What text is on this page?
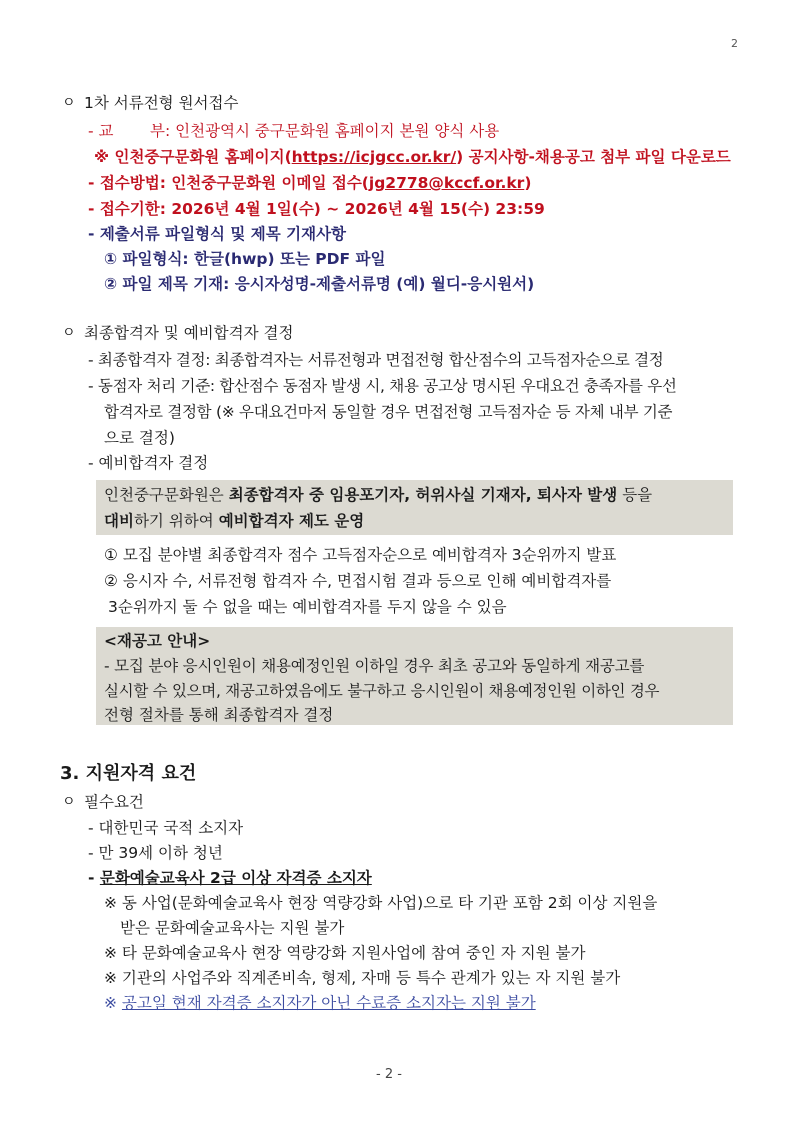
2
ㅇ 1차 서류전형 원서접수
- 교 부: 인천광역시 중구문화원 홈페이지 본원 양식 사용
※ 인천중구문화원 홈페이지(https://icjgcc.or.kr/) 공지사항-채용공고 첨부 파일 다운로드
- 접수방법: 인천중구문화원 이메일 접수(jg2778@kccf.or.kr)
- 접수기한: 2026년 4월 1일(수) ~ 2026년 4월 15(수) 23:59
- 제출서류 파일형식 및 제목 기재사항
① 파일형식: 한글(hwp) 또는 PDF 파일
② 파일 제목 기재: 응시자성명-제출서류명 (예) 월디-응시원서)
ㅇ 최종합격자 및 예비합격자 결정
- 최종합격자 결정: 최종합격자는 서류전형과 면접전형 합산점수의 고득점자순으로 결정
- 동점자 처리 기준: 합산점수 동점자 발생 시, 채용 공고상 명시된 우대요건 충족자를 우선
합격자로 결정함 (※ 우대요건마저 동일할 경우 면접전형 고득점자순 등 자체 내부 기준
으로 결정)
- 예비합격자 결정
인천중구문화원은 최종합격자 중 임용포기자, 허위사실 기재자, 퇴사자 발생 등을
대비하기 위하여 예비합격자 제도 운영
① 모집 분야별 최종합격자 점수 고득점자순으로 예비합격자 3순위까지 발표
② 응시자 수, 서류전형 합격자 수, 면접시험 결과 등으로 인해 예비합격자를
3순위까지 둘 수 없을 때는 예비합격자를 두지 않을 수 있음
<재공고 안내>
- 모집 분야 응시인원이 채용예정인원 이하일 경우 최초 공고와 동일하게 재공고를
실시할 수 있으며, 재공고하였음에도 불구하고 응시인원이 채용예정인원 이하인 경우
전형 절차를 통해 최종합격자 결정
3. 지원자격 요건
ㅇ 필수요건
- 대한민국 국적 소지자
- 만 39세 이하 청년
- 문화예술교육사 2급 이상 자격증 소지자
※ 동 사업(문화예술교육사 현장 역량강화 사업)으로 타 기관 포함 2회 이상 지원을
받은 문화예술교육사는 지원 불가
※ 타 문화예술교육사 현장 역량강화 지원사업에 참여 중인 자 지원 불가
※ 기관의 사업주와 직계존비속, 형제, 자매 등 특수 관계가 있는 자 지원 불가
※ 공고일 현재 자격증 소지자가 아닌 수료증 소지자는 지원 불가
- 2 -
